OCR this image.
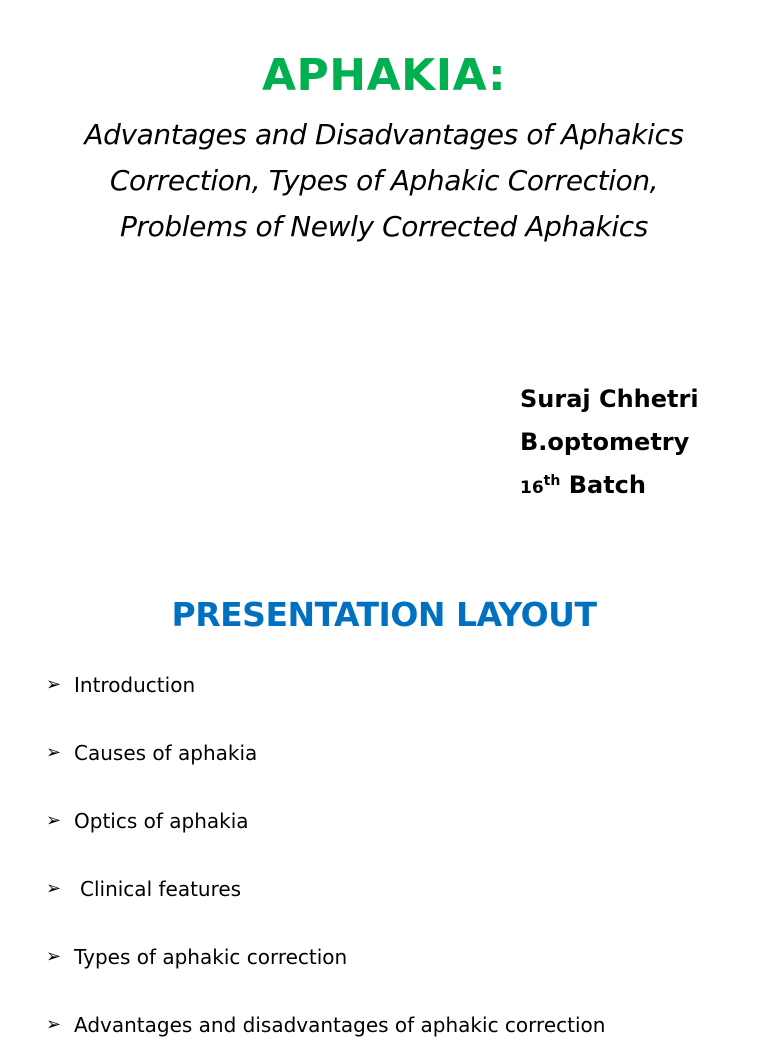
APHAKIA:
Advantages and Disadvantages of Aphakics
Correction, Types of Aphakic Correction,
Problems of Newly Corrected Aphakics
Suraj Chhetri
B.optometry
16th Batch
PRESENTATION LAYOUT
➢ Introduction
➢ Causes of aphakia
➢ Optics of aphakia
➢ Clinical features
➢ Types of aphakic correction
➢ Advantages and disadvantages of aphakic correction
